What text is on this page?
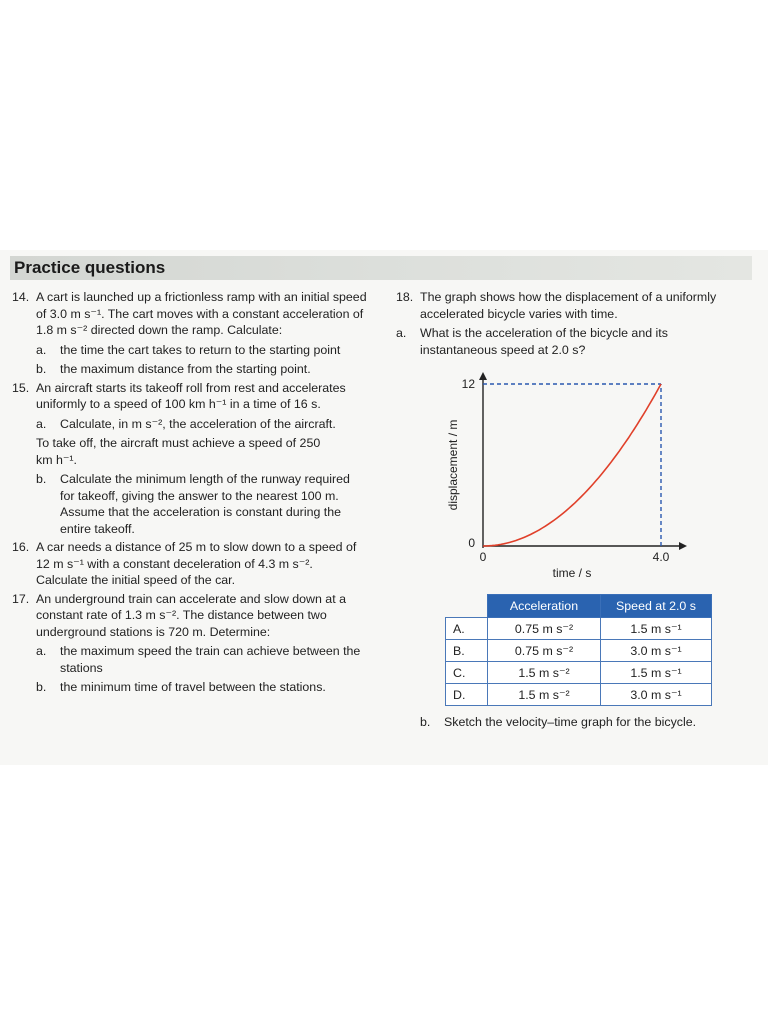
Practice questions
14. A cart is launched up a frictionless ramp with an initial speed of 3.0 m s⁻¹. The cart moves with a constant acceleration of 1.8 m s⁻² directed down the ramp. Calculate:
a. the time the cart takes to return to the starting point
b. the maximum distance from the starting point.
15. An aircraft starts its takeoff roll from rest and accelerates uniformly to a speed of 100 km h⁻¹ in a time of 16 s.
a. Calculate, in m s⁻², the acceleration of the aircraft.
To take off, the aircraft must achieve a speed of 250 km h⁻¹.
b. Calculate the minimum length of the runway required for takeoff, giving the answer to the nearest 100 m. Assume that the acceleration is constant during the entire takeoff.
16. A car needs a distance of 25 m to slow down to a speed of 12 m s⁻¹ with a constant deceleration of 4.3 m s⁻². Calculate the initial speed of the car.
17. An underground train can accelerate and slow down at a constant rate of 1.3 m s⁻². The distance between two underground stations is 720 m. Determine:
a. the maximum speed the train can achieve between the stations
b. the minimum time of travel between the stations.
18. The graph shows how the displacement of a uniformly accelerated bicycle varies with time.
a. What is the acceleration of the bicycle and its instantaneous speed at 2.0 s?
12
0
0	4.0
time / s
displacement / m
	Acceleration	Speed at 2.0 s
A.	0.75 m s⁻²	1.5 m s⁻¹
B.	0.75 m s⁻²	3.0 m s⁻¹
C.	1.5 m s⁻²	1.5 m s⁻¹
D.	1.5 m s⁻²	3.0 m s⁻¹
b. Sketch the velocity–time graph for the bicycle.
